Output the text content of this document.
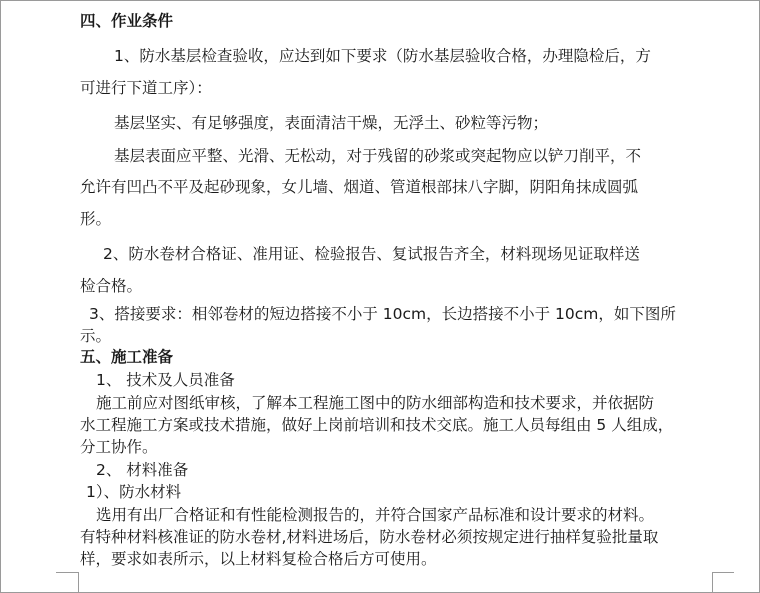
四、作业条件
1、防水基层检查验收，应达到如下要求（防水基层验收合格，办理隐检后，方
可进行下道工序）：
基层坚实、有足够强度，表面清洁干燥，无浮土、砂粒等污物；
基层表面应平整、光滑、无松动，对于残留的砂浆或突起物应以铲刀削平，不
允许有凹凸不平及起砂现象，女儿墙、烟道、管道根部抹八字脚，阴阳角抹成圆弧
形。
2、防水卷材合格证、准用证、检验报告、复试报告齐全，材料现场见证取样送
检合格。
3、搭接要求：相邻卷材的短边搭接不小于 10cm，长边搭接不小于 10cm，如下图所
示。
五、施工准备
1、 技术及人员准备
施工前应对图纸审核，了解本工程施工图中的防水细部构造和技术要求，并依据防
水工程施工方案或技术措施，做好上岗前培训和技术交底。施工人员每组由 5 人组成，
分工协作。
2、 材料准备
1）、防水材料
选用有出厂合格证和有性能检测报告的，并符合国家产品标准和设计要求的材料。
有特种材料核准证的防水卷材,材料进场后，防水卷材必须按规定进行抽样复验批量取
样，要求如表所示，以上材料复检合格后方可使用。
